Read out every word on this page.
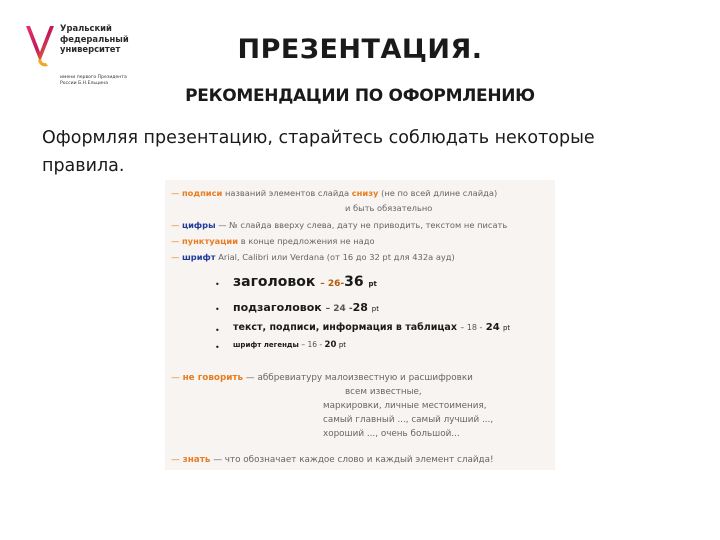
Уральский
федеральный
университет
имени первого Президента России Б.Н.Ельцина
ПРЕЗЕНТАЦИЯ.
РЕКОМЕНДАЦИИ ПО ОФОРМЛЕНИЮ
Оформляя презентацию, старайтесь соблюдать некоторые правила.
— подписи названий элементов слайда снизу (не по всей длине слайда)
и быть обязательно
— цифры — № слайда вверху слева, дату не приводить, текстом не писать
— пунктуации в конце предложения не надо
— шрифт Arial, Calibri или Verdana (от 16 до 32 pt для 432а ауд)
• заголовок – 26-36 pt
• подзаголовок – 24 -28 pt
• текст, подписи, информация в таблицах – 18 - 24 pt
• шрифт легенды – 16 - 20 pt
— не говорить — аббревиатуру малоизвестную и расшифровки
всем известные,
маркировки, личные местоимения,
самый главный ..., самый лучший ...,
хороший ..., очень большой...
— знать — что обозначает каждое слово и каждый элемент слайда!
